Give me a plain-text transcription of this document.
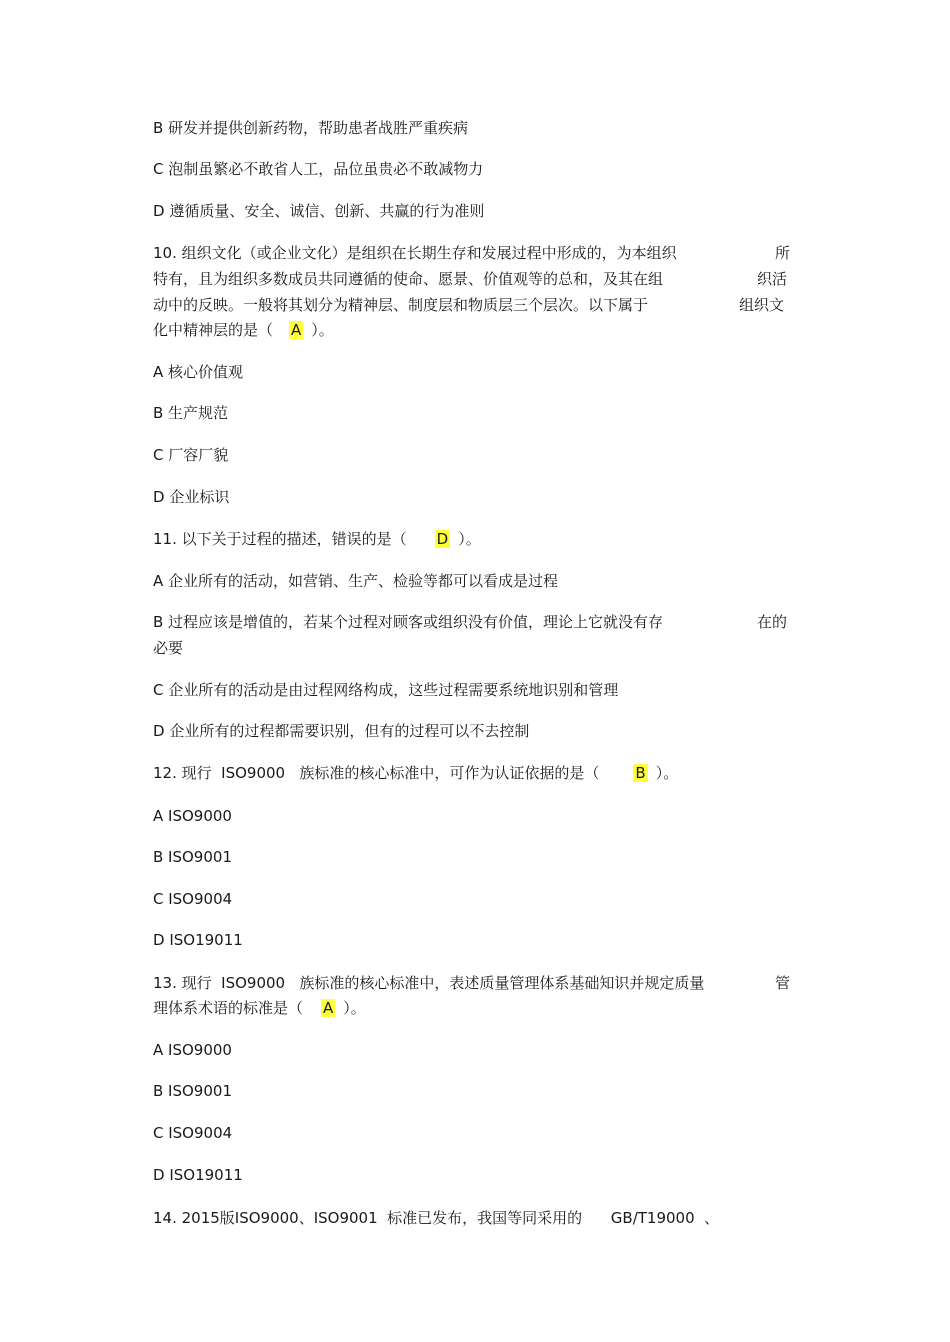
B 研发并提供创新药物，帮助患者战胜严重疾病
C 泡制虽繁必不敢省人工，品位虽贵必不敢减物力
D 遵循质量、安全、诚信、创新、共赢的行为准则
10. 组织文化（或企业文化）是组织在长期生存和发展过程中形成的，为本组织	所
特有，且为组织多数成员共同遵循的使命、愿景、价值观等的总和，及其在组	织活
动中的反映。一般将其划分为精神层、制度层和物质层三个层次。以下属于	组织文
化中精神层的是（ A ）。
A 核心价值观
B 生产规范
C 厂容厂貌
D 企业标识
11. 以下关于过程的描述，错误的是（ D ）。
A 企业所有的活动，如营销、生产、检验等都可以看成是过程
B 过程应该是增值的，若某个过程对顾客或组织没有价值，理论上它就没有存	在的
必要
C 企业所有的活动是由过程网络构成，这些过程需要系统地识别和管理
D 企业所有的过程都需要识别，但有的过程可以不去控制
12. 现行  ISO9000   族标准的核心标准中，可作为认证依据的是（ B ）。
A ISO9000
B ISO9001
C ISO9004
D ISO19011
13. 现行  ISO9000   族标准的核心标准中，表述质量管理体系基础知识并规定质量	管
理体系术语的标准是（ A ）。
A ISO9000
B ISO9001
C ISO9004
D ISO19011
14. 2015版ISO9000、ISO9001  标准已发布，我国等同采用的      GB/T19000  、
